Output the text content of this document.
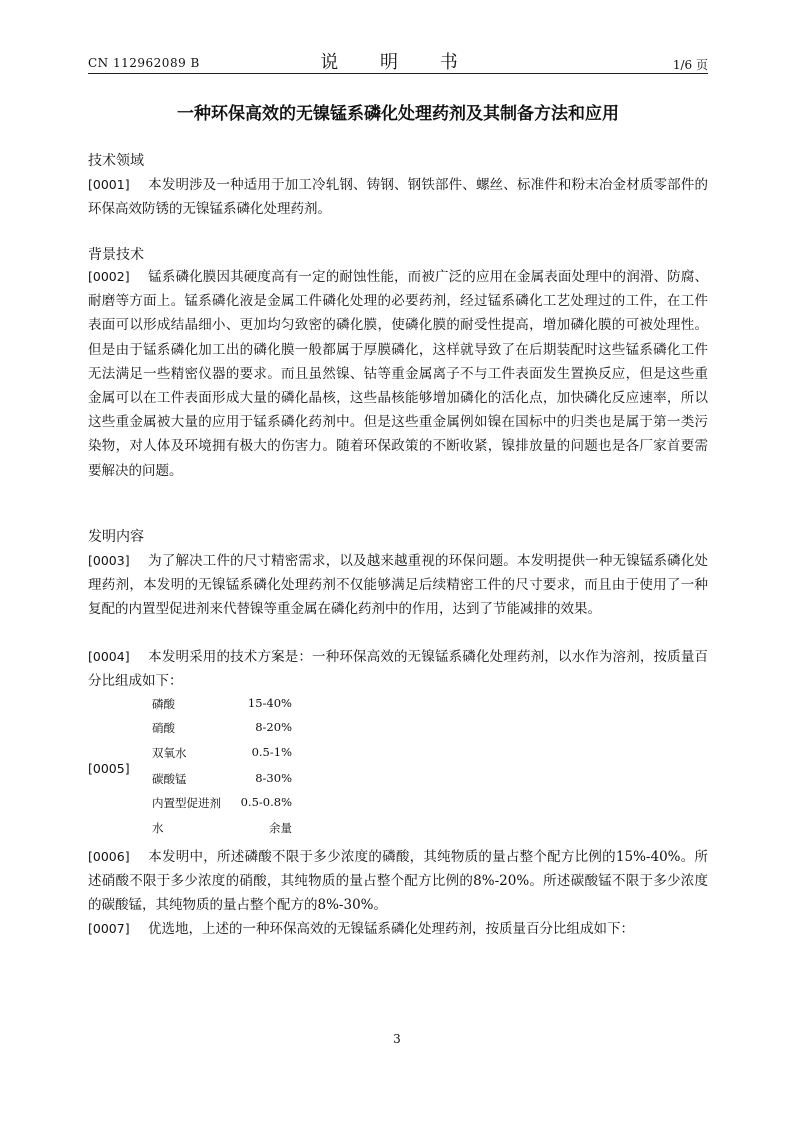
CN 112962089 B	说 明 书	1/6 页
一种环保高效的无镍锰系磷化处理药剂及其制备方法和应用
技术领域
[0001] 本发明涉及一种适用于加工冷轧钢、铸钢、钢铁部件、螺丝、标准件和粉末冶金材质零部件的环保高效防锈的无镍锰系磷化处理药剂。
背景技术
[0002] 锰系磷化膜因其硬度高有一定的耐蚀性能，而被广泛的应用在金属表面处理中的润滑、防腐、耐磨等方面上。锰系磷化液是金属工件磷化处理的必要药剂，经过锰系磷化工艺处理过的工件，在工件表面可以形成结晶细小、更加均匀致密的磷化膜，使磷化膜的耐受性提高，增加磷化膜的可被处理性。但是由于锰系磷化加工出的磷化膜一般都属于厚膜磷化，这样就导致了在后期装配时这些锰系磷化工件无法满足一些精密仪器的要求。而且虽然镍、钴等重金属离子不与工件表面发生置换反应，但是这些重金属可以在工件表面形成大量的磷化晶核，这些晶核能够增加磷化的活化点，加快磷化反应速率，所以这些重金属被大量的应用于锰系磷化药剂中。但是这些重金属例如镍在国标中的归类也是属于第一类污染物，对人体及环境拥有极大的伤害力。随着环保政策的不断收紧，镍排放量的问题也是各厂家首要需要解决的问题。
发明内容
[0003] 为了解决工件的尺寸精密需求，以及越来越重视的环保问题。本发明提供一种无镍锰系磷化处理药剂，本发明的无镍锰系磷化处理药剂不仅能够满足后续精密工件的尺寸要求，而且由于使用了一种复配的内置型促进剂来代替镍等重金属在磷化药剂中的作用，达到了节能减排的效果。
[0004] 本发明采用的技术方案是：一种环保高效的无镍锰系磷化处理药剂，以水作为溶剂，按质量百分比组成如下：
[0005]
磷酸	15-40%
硝酸	8-20%
双氧水	0.5-1%
碳酸锰	8-30%
内置型促进剂	0.5-0.8%
水	余量
[0006] 本发明中，所述磷酸不限于多少浓度的磷酸，其纯物质的量占整个配方比例的15%-40%。所述硝酸不限于多少浓度的硝酸，其纯物质的量占整个配方比例的8%-20%。所述碳酸锰不限于多少浓度的碳酸锰，其纯物质的量占整个配方的8%-30%。
[0007] 优选地，上述的一种环保高效的无镍锰系磷化处理药剂，按质量百分比组成如下：
3
